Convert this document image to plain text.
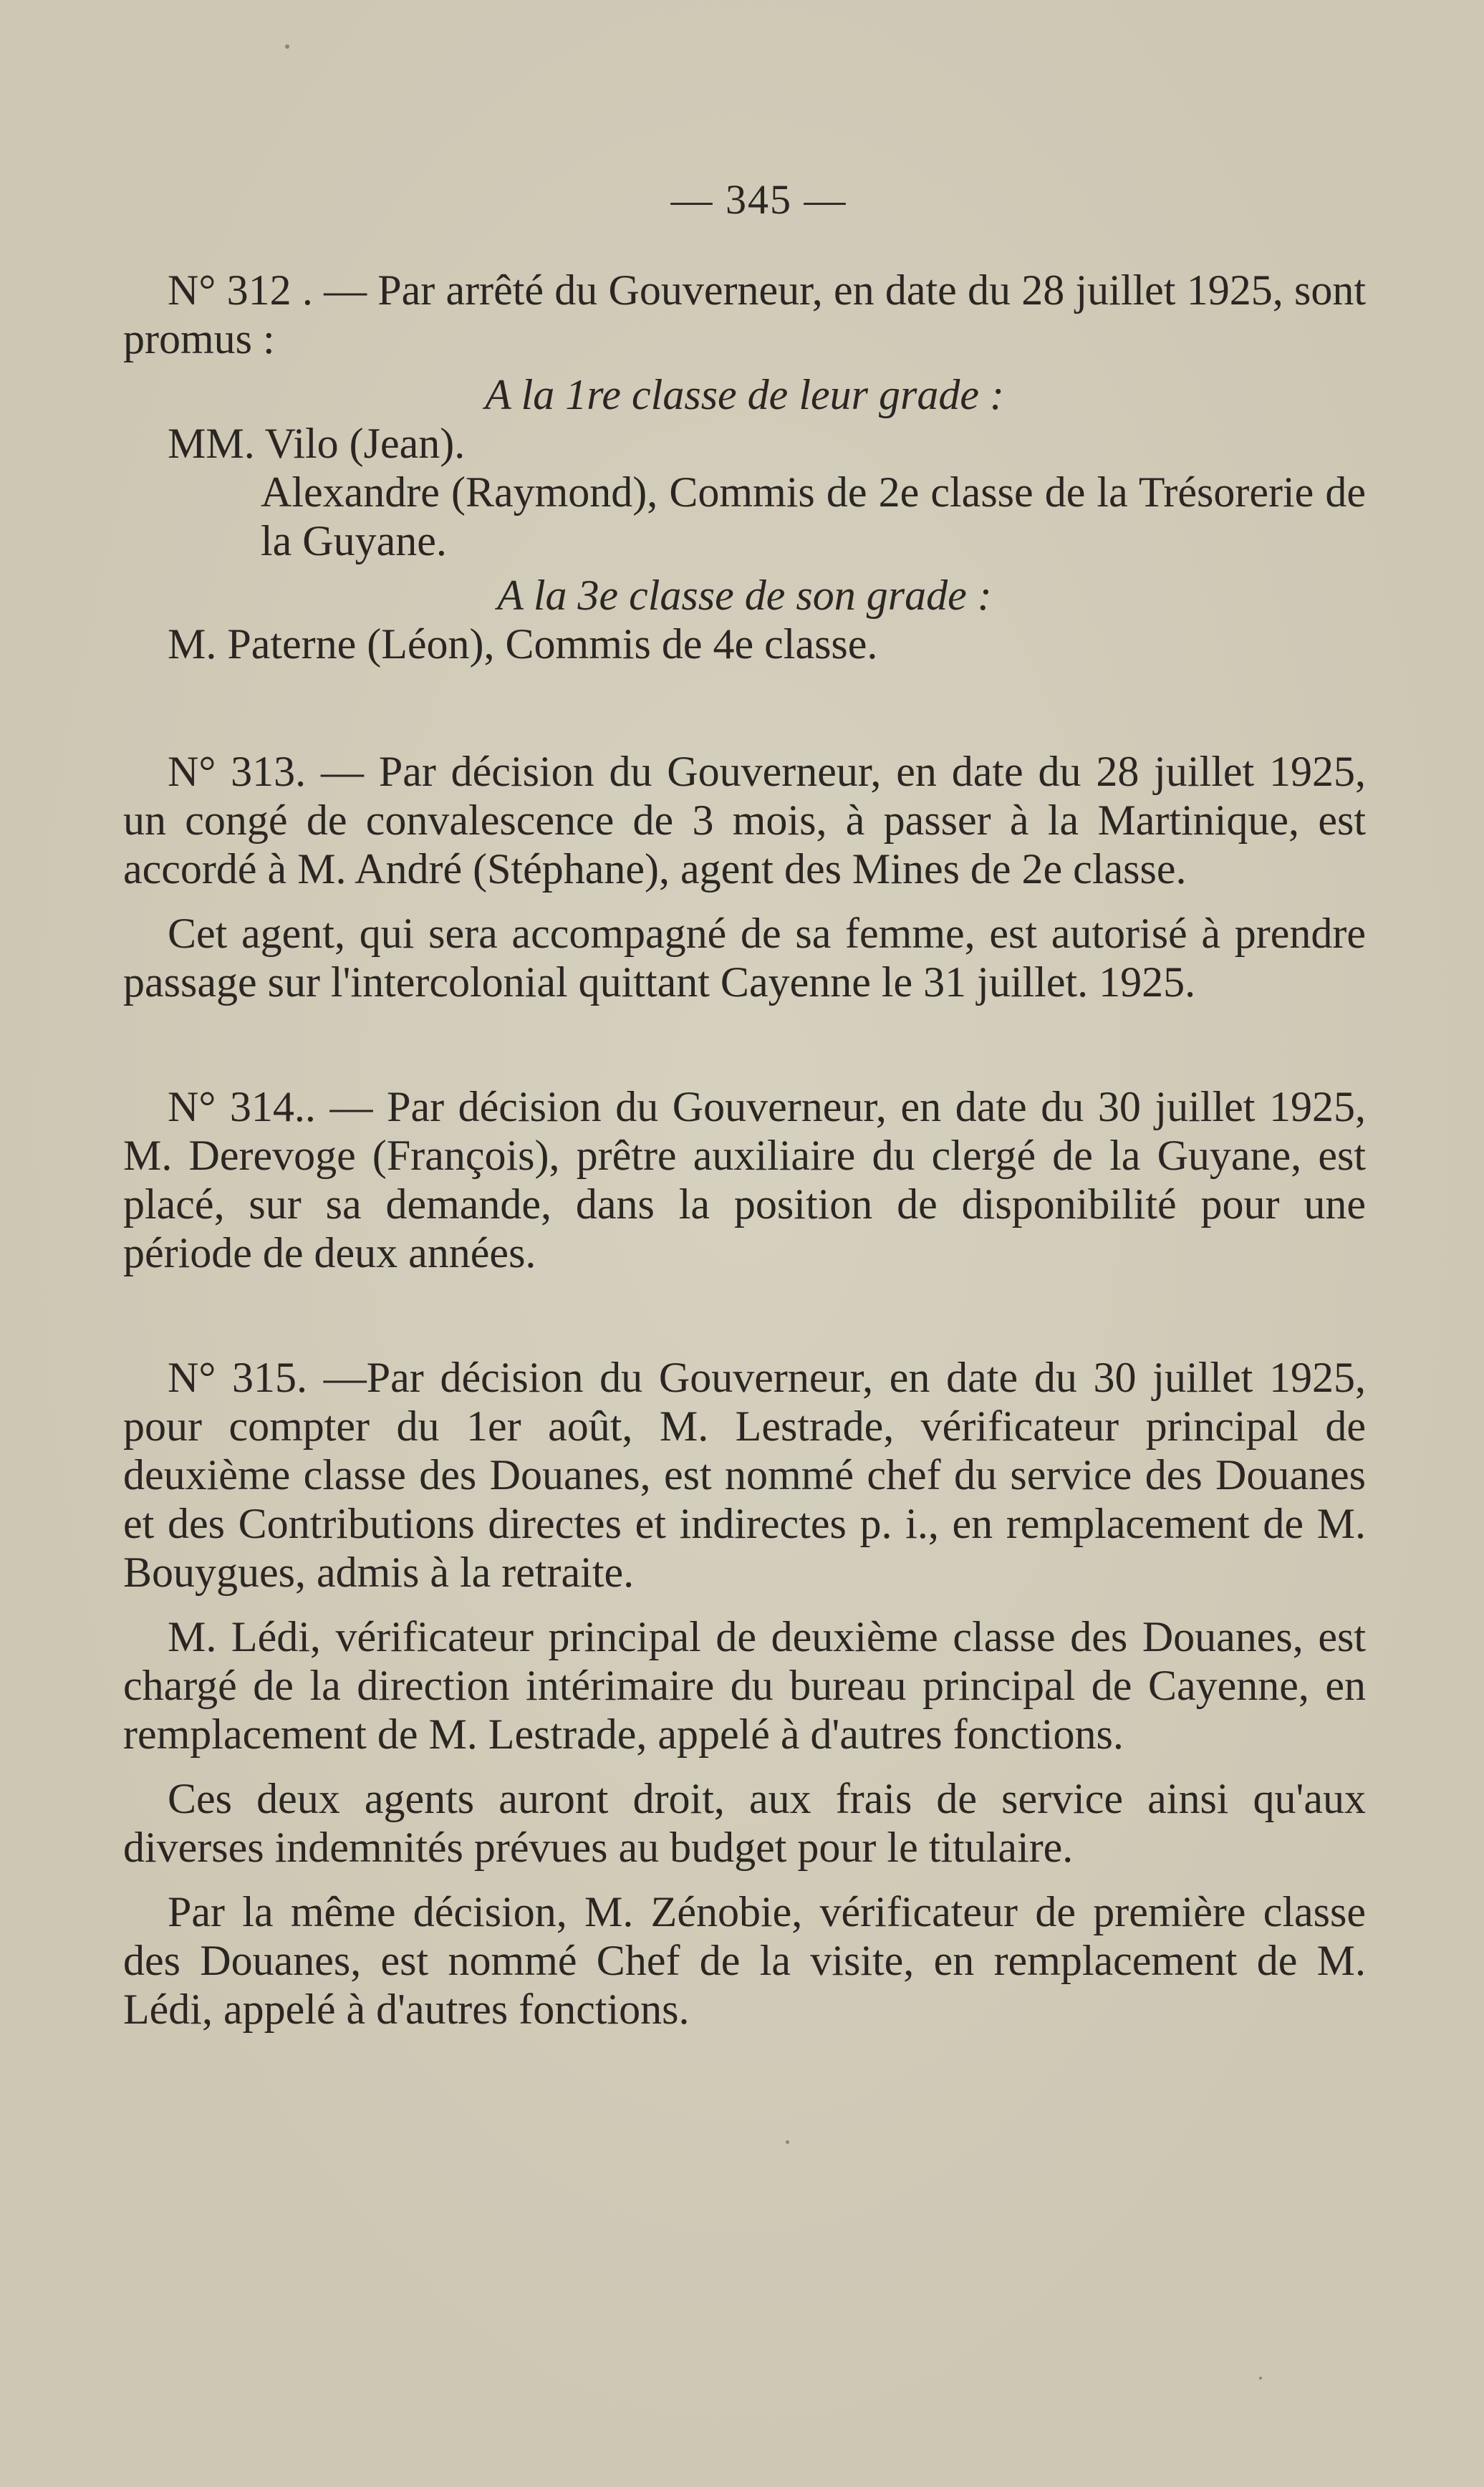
— 345 —

N° 312 . — Par arrêté du Gouverneur, en date du 28 juillet 1925, sont promus :

A la 1re classe de leur grade :

MM. Vilo (Jean).

Alexandre (Raymond), Commis de 2e classe de la Trésorerie de la Guyane.

A la 3e classe de son grade :

M. Paterne (Léon), Commis de 4e classe.

N° 313. — Par décision du Gouverneur, en date du 28 juillet 1925, un congé de convalescence de 3 mois, à passer à la Martinique, est accordé à M. André (Stéphane), agent des Mines de 2e classe.

Cet agent, qui sera accompagné de sa femme, est autorisé à prendre passage sur l'intercolonial quittant Cayenne le 31 juillet. 1925.

N° 314.. — Par décision du Gouverneur, en date du 30 juillet 1925, M. Derevoge (François), prêtre auxiliaire du clergé de la Guyane, est placé, sur sa demande, dans la position de disponibilité pour une période de deux années.

N° 315. —Par décision du Gouverneur, en date du 30 juillet 1925, pour compter du 1er août, M. Lestrade, vérificateur principal de deuxième classe des Douanes, est nommé chef du service des Douanes et des Contributions directes et indirectes p. i., en remplacement de M. Bouygues, admis à la retraite.

M. Lédi, vérificateur principal de deuxième classe des Douanes, est chargé de la direction intérimaire du bureau principal de Cayenne, en remplacement de M. Lestrade, appelé à d'autres fonctions.

Ces deux agents auront droit, aux frais de service ainsi qu'aux diverses indemnités prévues au budget pour le titulaire.

Par la même décision, M. Zénobie, vérificateur de première classe des Douanes, est nommé Chef de la visite, en remplacement de M. Lédi, appelé à d'autres fonctions.
